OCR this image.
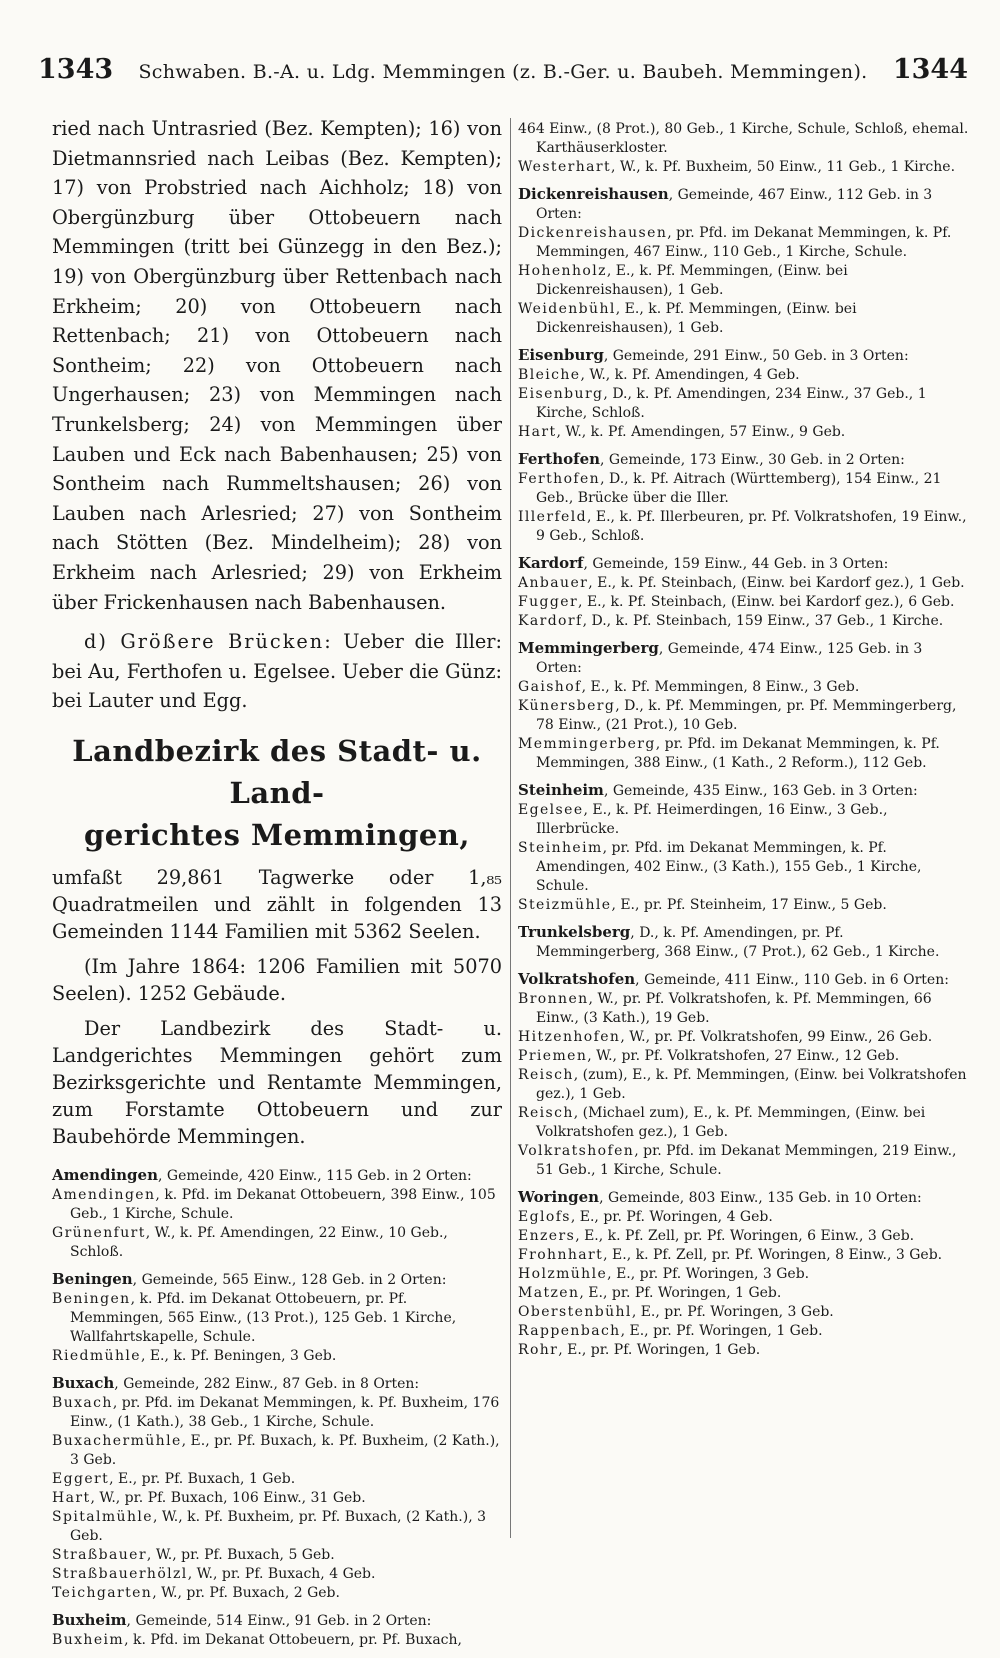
1343 Schwaben. B.-A. u. Ldg. Memmingen (z. B.-Ger. u. Baubeh. Memmingen). 1344

ried nach Untrasried (Bez. Kempten); 16) von Dietmannsried nach Leibas (Bez. Kempten); 17) von Probstried nach Aichholz; 18) von Obergünzburg über Ottobeuern nach Memmingen (tritt bei Günzegg in den Bez.); 19) von Obergünzburg über Rettenbach nach Erkheim; 20) von Ottobeuern nach Rettenbach; 21) von Ottobeuern nach Sontheim; 22) von Ottobeuern nach Ungerhausen; 23) von Memmingen nach Trunkelsberg; 24) von Memmingen über Lauben und Eck nach Babenhausen; 25) von Sontheim nach Rummeltshausen; 26) von Lauben nach Arlesried; 27) von Sontheim nach Stötten (Bez. Mindelheim); 28) von Erkheim nach Arlesried; 29) von Erkheim über Frickenhausen nach Babenhausen.

d) Größere Brücken: Ueber die Iller: bei Au, Ferthofen u. Egelsee. Ueber die Günz: bei Lauter und Egg.

Landbezirk des Stadt- u. Land-
gerichtes Memmingen,

umfaßt 29,861 Tagwerke oder 1,₈₅ Quadratmeilen und zählt in folgenden 13 Gemeinden 1144 Familien mit 5362 Seelen.

(Im Jahre 1864: 1206 Familien mit 5070 Seelen). 1252 Gebäude.

Der Landbezirk des Stadt- u. Landgerichtes Memmingen gehört zum Bezirksgerichte und Rentamte Memmingen, zum Forstamte Ottobeuern und zur Baubehörde Memmingen.

Amendingen, Gemeinde, 420 Einw., 115 Geb. in 2 Orten:

Amendingen, k. Pfd. im Dekanat Ottobeuern, 398 Einw., 105 Geb., 1 Kirche, Schule.

Grünenfurt, W., k. Pf. Amendingen, 22 Einw., 10 Geb., Schloß.

Beningen, Gemeinde, 565 Einw., 128 Geb. in 2 Orten:

Beningen, k. Pfd. im Dekanat Ottobeuern, pr. Pf. Memmingen, 565 Einw., (13 Prot.), 125 Geb. 1 Kirche, Wallfahrtskapelle, Schule.

Riedmühle, E., k. Pf. Beningen, 3 Geb.

Buxach, Gemeinde, 282 Einw., 87 Geb. in 8 Orten:

Buxach, pr. Pfd. im Dekanat Memmingen, k. Pf. Buxheim, 176 Einw., (1 Kath.), 38 Geb., 1 Kirche, Schule.

Buxachermühle, E., pr. Pf. Buxach, k. Pf. Buxheim, (2 Kath.), 3 Geb.

Eggert, E., pr. Pf. Buxach, 1 Geb.

Hart, W., pr. Pf. Buxach, 106 Einw., 31 Geb.

Spitalmühle, W., k. Pf. Buxheim, pr. Pf. Buxach, (2 Kath.), 3 Geb.

Straßbauer, W., pr. Pf. Buxach, 5 Geb.

Straßbauerhölzl, W., pr. Pf. Buxach, 4 Geb.

Teichgarten, W., pr. Pf. Buxach, 2 Geb.

Buxheim, Gemeinde, 514 Einw., 91 Geb. in 2 Orten:

Buxheim, k. Pfd. im Dekanat Ottobeuern, pr. Pf. Buxach,

464 Einw., (8 Prot.), 80 Geb., 1 Kirche, Schule, Schloß, ehemal. Karthäuserkloster.

Westerhart, W., k. Pf. Buxheim, 50 Einw., 11 Geb., 1 Kirche.

Dickenreishausen, Gemeinde, 467 Einw., 112 Geb. in 3 Orten:

Dickenreishausen, pr. Pfd. im Dekanat Memmingen, k. Pf. Memmingen, 467 Einw., 110 Geb., 1 Kirche, Schule.

Hohenholz, E., k. Pf. Memmingen, (Einw. bei Dickenreishausen), 1 Geb.

Weidenbühl, E., k. Pf. Memmingen, (Einw. bei Dickenreishausen), 1 Geb.

Eisenburg, Gemeinde, 291 Einw., 50 Geb. in 3 Orten:

Bleiche, W., k. Pf. Amendingen, 4 Geb.

Eisenburg, D., k. Pf. Amendingen, 234 Einw., 37 Geb., 1 Kirche, Schloß.

Hart, W., k. Pf. Amendingen, 57 Einw., 9 Geb.

Ferthofen, Gemeinde, 173 Einw., 30 Geb. in 2 Orten:

Ferthofen, D., k. Pf. Aitrach (Württemberg), 154 Einw., 21 Geb., Brücke über die Iller.

Illerfeld, E., k. Pf. Illerbeuren, pr. Pf. Volkratshofen, 19 Einw., 9 Geb., Schloß.

Kardorf, Gemeinde, 159 Einw., 44 Geb. in 3 Orten:

Anbauer, E., k. Pf. Steinbach, (Einw. bei Kardorf gez.), 1 Geb.

Fugger, E., k. Pf. Steinbach, (Einw. bei Kardorf gez.), 6 Geb.

Kardorf, D., k. Pf. Steinbach, 159 Einw., 37 Geb., 1 Kirche.

Memmingerberg, Gemeinde, 474 Einw., 125 Geb. in 3 Orten:

Gaishof, E., k. Pf. Memmingen, 8 Einw., 3 Geb.

Künersberg, D., k. Pf. Memmingen, pr. Pf. Memmingerberg, 78 Einw., (21 Prot.), 10 Geb.

Memmingerberg, pr. Pfd. im Dekanat Memmingen, k. Pf. Memmingen, 388 Einw., (1 Kath., 2 Reform.), 112 Geb.

Steinheim, Gemeinde, 435 Einw., 163 Geb. in 3 Orten:

Egelsee, E., k. Pf. Heimerdingen, 16 Einw., 3 Geb., Illerbrücke.

Steinheim, pr. Pfd. im Dekanat Memmingen, k. Pf. Amendingen, 402 Einw., (3 Kath.), 155 Geb., 1 Kirche, Schule.

Steizmühle, E., pr. Pf. Steinheim, 17 Einw., 5 Geb.

Trunkelsberg, D., k. Pf. Amendingen, pr. Pf. Memmingerberg, 368 Einw., (7 Prot.), 62 Geb., 1 Kirche.

Volkratshofen, Gemeinde, 411 Einw., 110 Geb. in 6 Orten:

Bronnen, W., pr. Pf. Volkratshofen, k. Pf. Memmingen, 66 Einw., (3 Kath.), 19 Geb.

Hitzenhofen, W., pr. Pf. Volkratshofen, 99 Einw., 26 Geb.

Priemen, W., pr. Pf. Volkratshofen, 27 Einw., 12 Geb.

Reisch, (zum), E., k. Pf. Memmingen, (Einw. bei Volkratshofen gez.), 1 Geb.

Reisch, (Michael zum), E., k. Pf. Memmingen, (Einw. bei Volkratshofen gez.), 1 Geb.

Volkratshofen, pr. Pfd. im Dekanat Memmingen, 219 Einw., 51 Geb., 1 Kirche, Schule.

Woringen, Gemeinde, 803 Einw., 135 Geb. in 10 Orten:

Eglofs, E., pr. Pf. Woringen, 4 Geb.

Enzers, E., k. Pf. Zell, pr. Pf. Woringen, 6 Einw., 3 Geb.

Frohnhart, E., k. Pf. Zell, pr. Pf. Woringen, 8 Einw., 3 Geb.

Holzmühle, E., pr. Pf. Woringen, 3 Geb.

Matzen, E., pr. Pf. Woringen, 1 Geb.

Oberstenbühl, E., pr. Pf. Woringen, 3 Geb.

Rappenbach, E., pr. Pf. Woringen, 1 Geb.

Rohr, E., pr. Pf. Woringen, 1 Geb.
